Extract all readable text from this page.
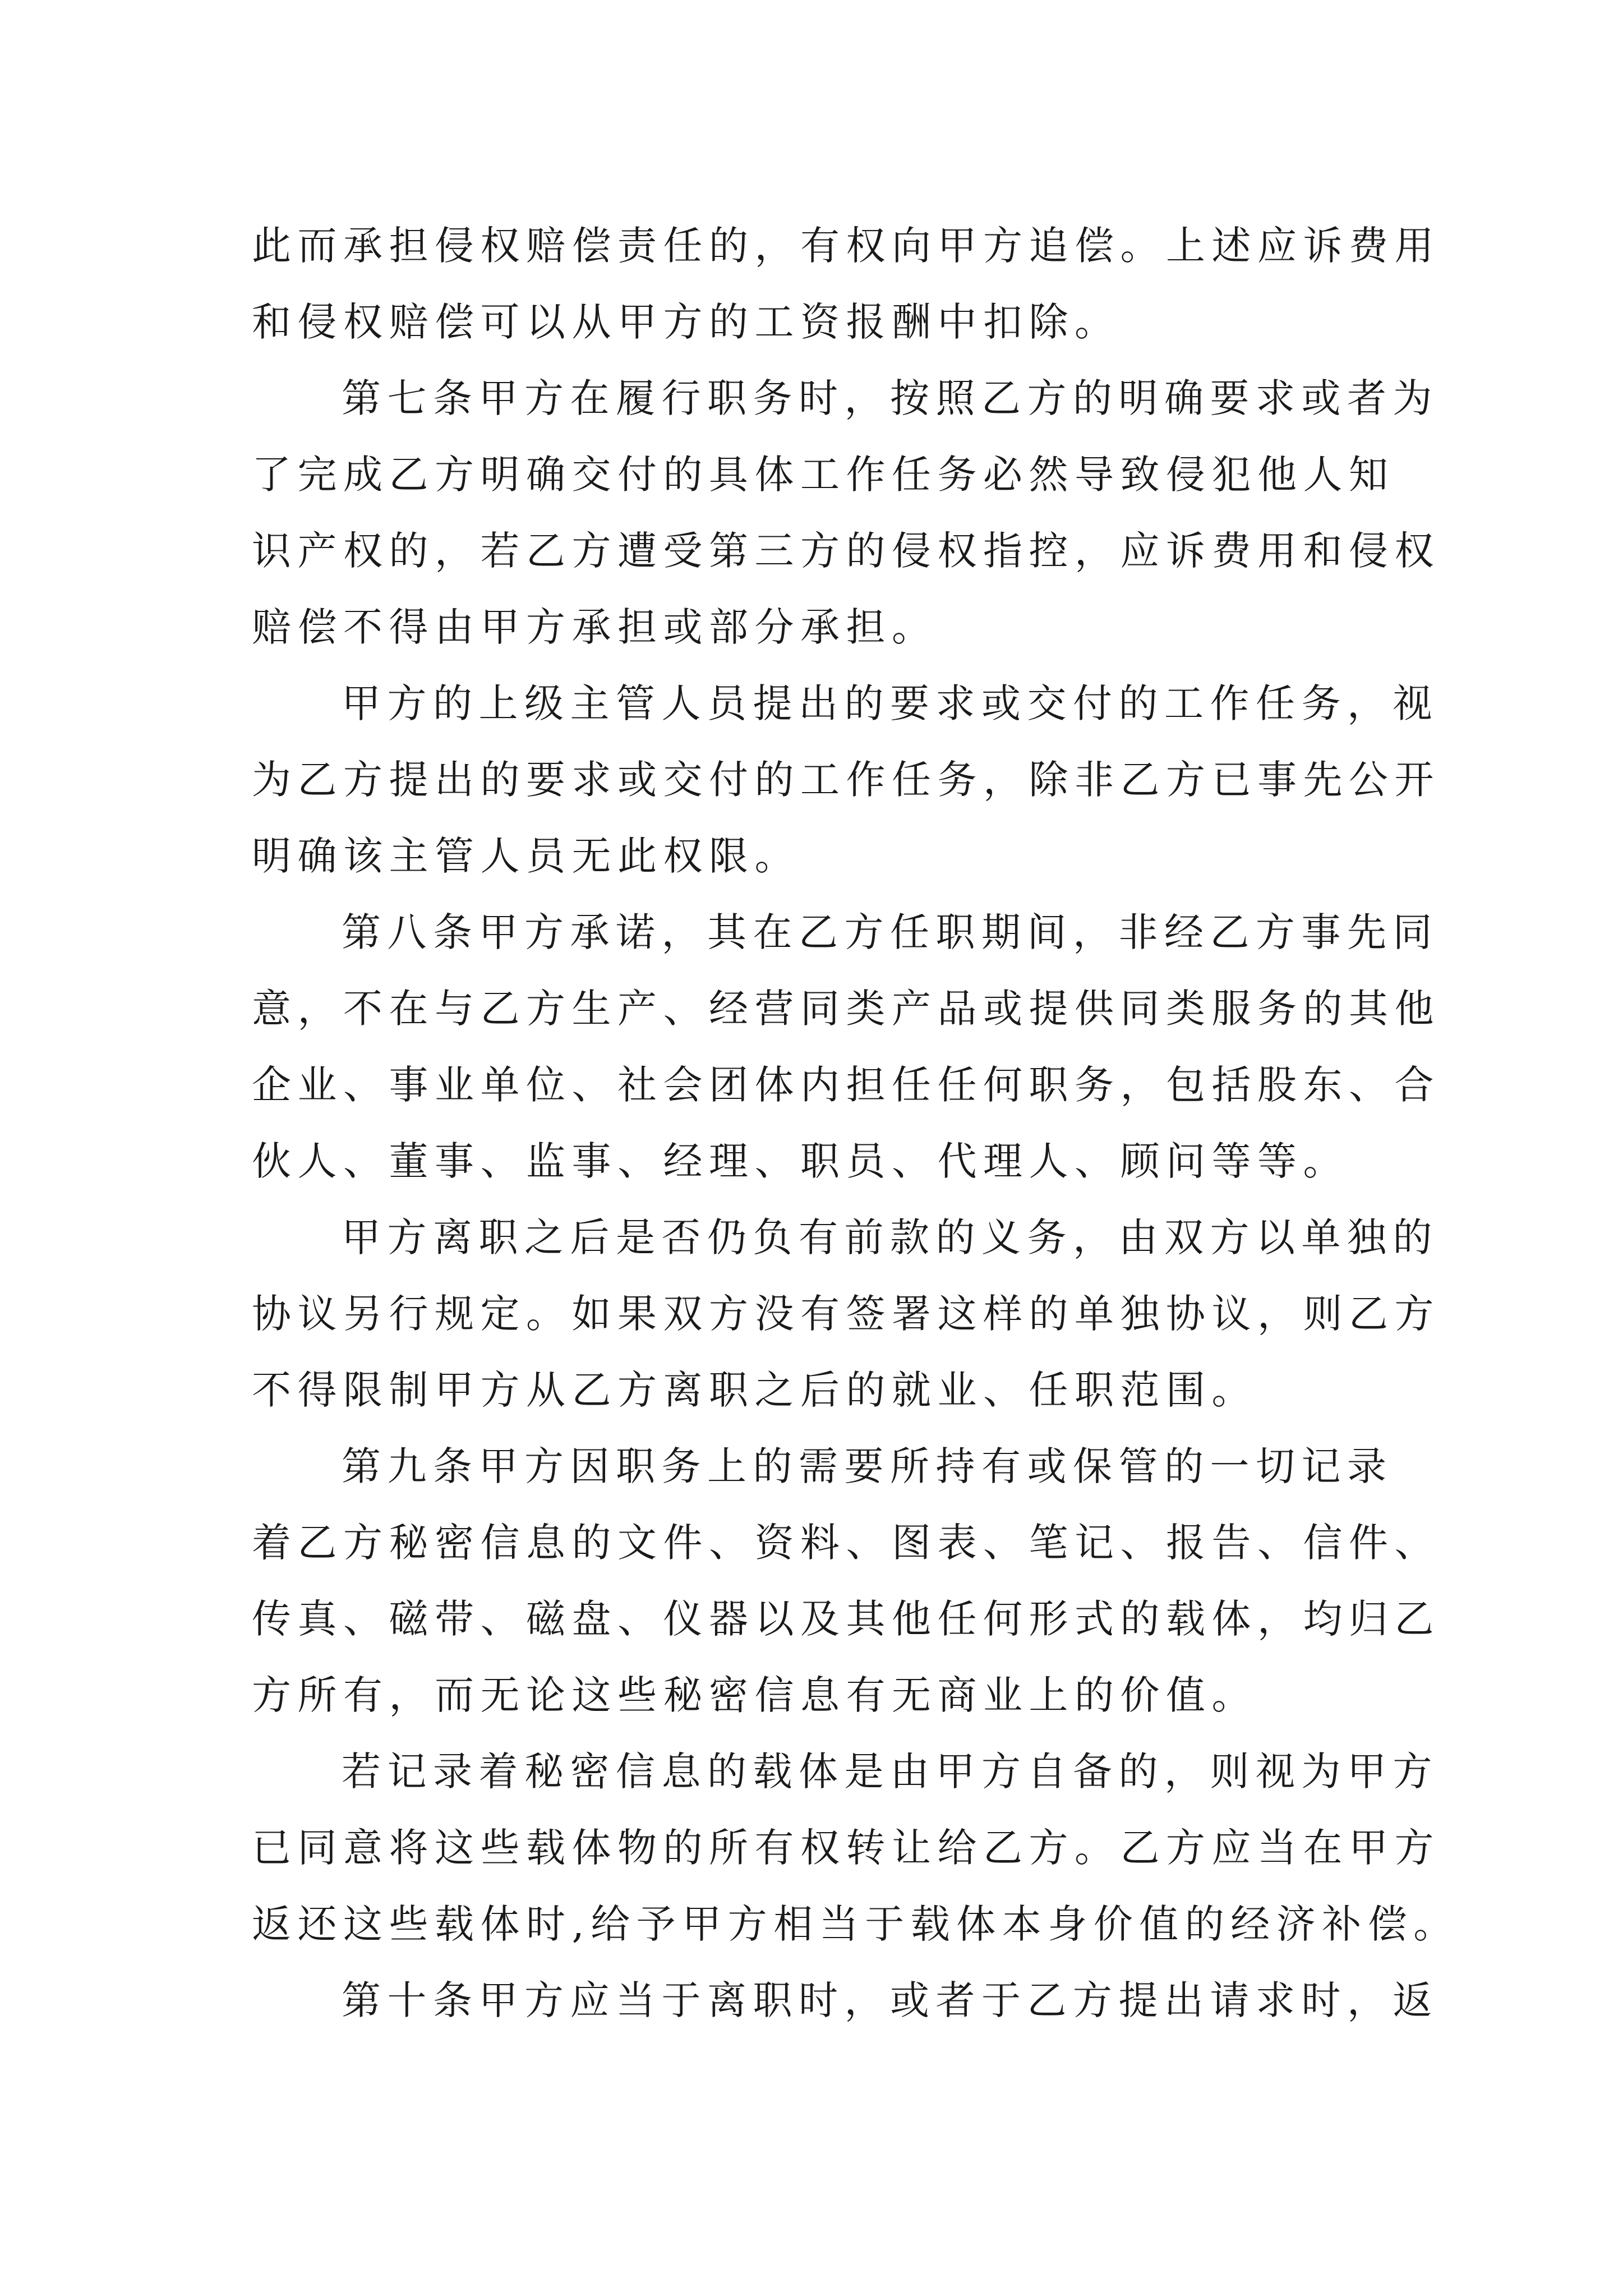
此而承担侵权赔偿责任的，有权向甲方追偿。上述应诉费用
和侵权赔偿可以从甲方的工资报酬中扣除。
第七条甲方在履行职务时，按照乙方的明确要求或者为
了完成乙方明确交付的具体工作任务必然导致侵犯他人知
识产权的，若乙方遭受第三方的侵权指控，应诉费用和侵权
赔偿不得由甲方承担或部分承担。
甲方的上级主管人员提出的要求或交付的工作任务，视
为乙方提出的要求或交付的工作任务，除非乙方已事先公开
明确该主管人员无此权限。
第八条甲方承诺，其在乙方任职期间，非经乙方事先同
意，不在与乙方生产、经营同类产品或提供同类服务的其他
企业、事业单位、社会团体内担任任何职务，包括股东、合
伙人、董事、监事、经理、职员、代理人、顾问等等。
甲方离职之后是否仍负有前款的义务，由双方以单独的
协议另行规定。如果双方没有签署这样的单独协议，则乙方
不得限制甲方从乙方离职之后的就业、任职范围。
第九条甲方因职务上的需要所持有或保管的一切记录
着乙方秘密信息的文件、资料、图表、笔记、报告、信件、
传真、磁带、磁盘、仪器以及其他任何形式的载体，均归乙
方所有，而无论这些秘密信息有无商业上的价值。
若记录着秘密信息的载体是由甲方自备的，则视为甲方
已同意将这些载体物的所有权转让给乙方。乙方应当在甲方
返还这些载体时,给予甲方相当于载体本身价值的经济补偿。
第十条甲方应当于离职时，或者于乙方提出请求时，返
